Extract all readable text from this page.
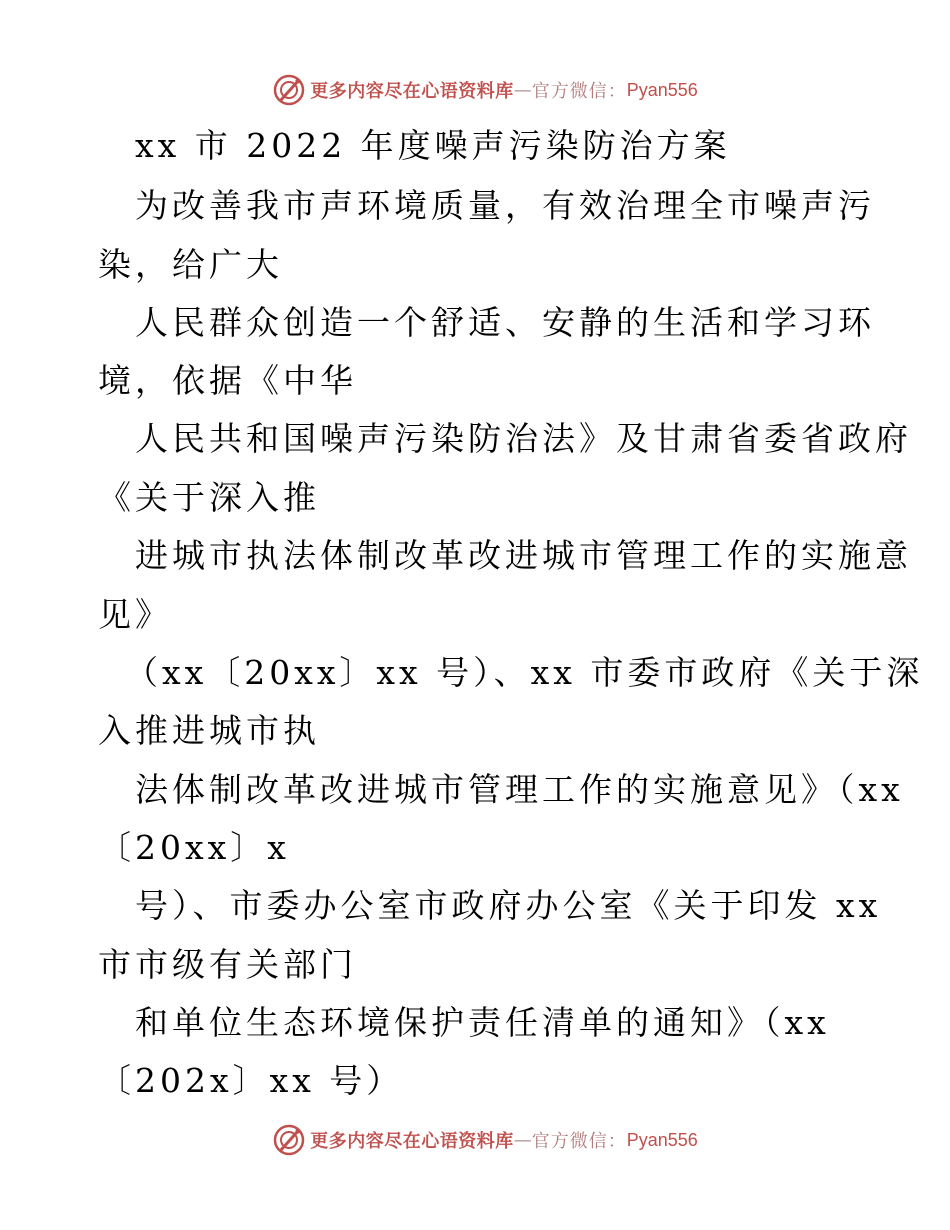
更多内容尽在心语资料库 — 官方微信： Pyan556
xx 市 2022 年度噪声污染防治方案
为改善我市声环境质量，有效治理全市噪声污
染，给广大
人民群众创造一个舒适、安静的生活和学习环
境，依据《中华
人民共和国噪声污染防治法》及甘肃省委省政府
《关于深入推
进城市执法体制改革改进城市管理工作的实施意
见》
（xx〔20xx〕xx 号）、xx 市委市政府《关于深
入推进城市执
法体制改革改进城市管理工作的实施意见》（xx
〔20xx〕x
号）、市委办公室市政府办公室《关于印发 xx
市市级有关部门
和单位生态环境保护责任清单的通知》（xx
〔202x〕xx 号）
更多内容尽在心语资料库 — 官方微信： Pyan556
